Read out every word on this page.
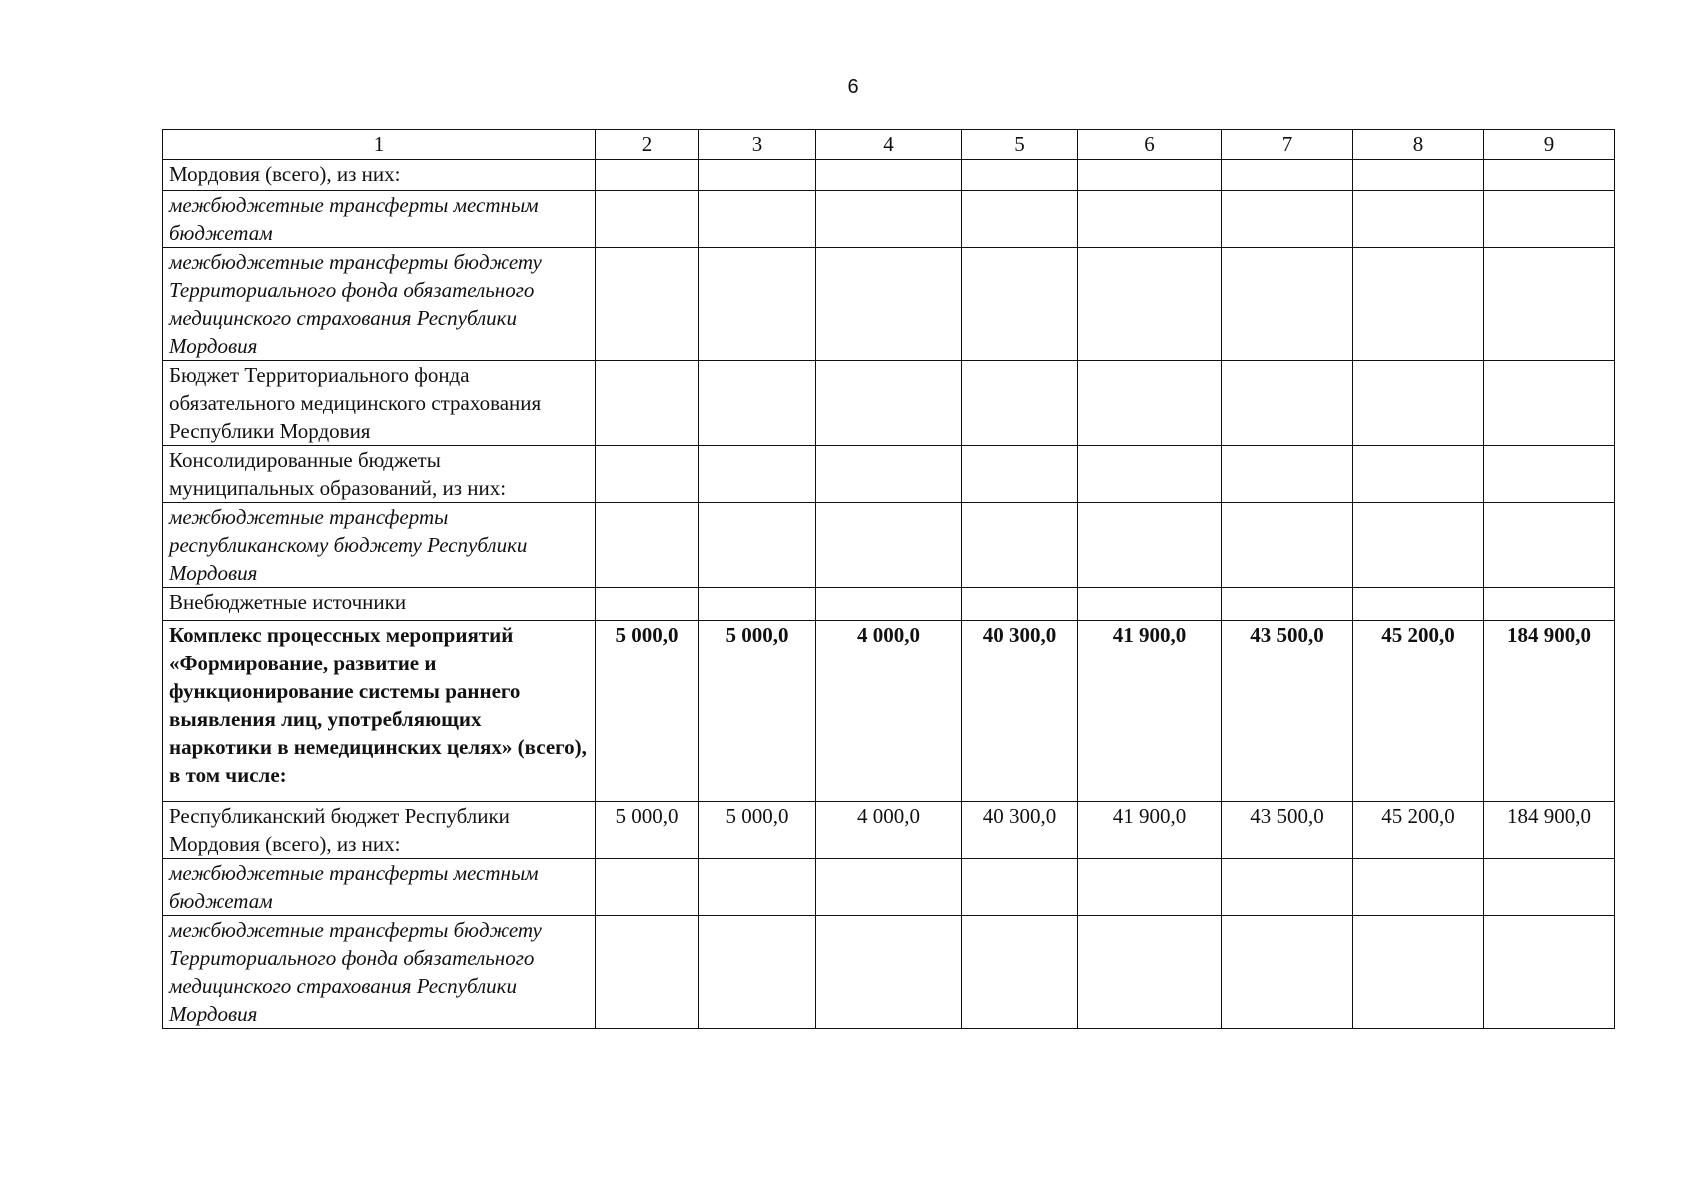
6
1	2	3	4	5	6	7	8	9
Мордовия (всего), из них:								
межбюджетные трансферты местным бюджетам								
межбюджетные трансферты бюджету Территориального фонда обязательного медицинского страхования Республики Мордовия								
Бюджет Территориального фонда обязательного медицинского страхования Республики Мордовия								
Консолидированные бюджеты муниципальных образований, из них:								
межбюджетные трансферты республиканскому бюджету Республики Мордовия								
Внебюджетные источники								
Комплекс процессных мероприятий «Формирование, развитие и функционирование системы раннего выявления лиц, употребляющих наркотики в немедицинских целях» (всего), в том числе:	5 000,0	5 000,0	4 000,0	40 300,0	41 900,0	43 500,0	45 200,0	184 900,0
Республиканский бюджет Республики Мордовия (всего), из них:	5 000,0	5 000,0	4 000,0	40 300,0	41 900,0	43 500,0	45 200,0	184 900,0
межбюджетные трансферты местным бюджетам								
межбюджетные трансферты бюджету Территориального фонда обязательного медицинского страхования Республики Мордовия								
